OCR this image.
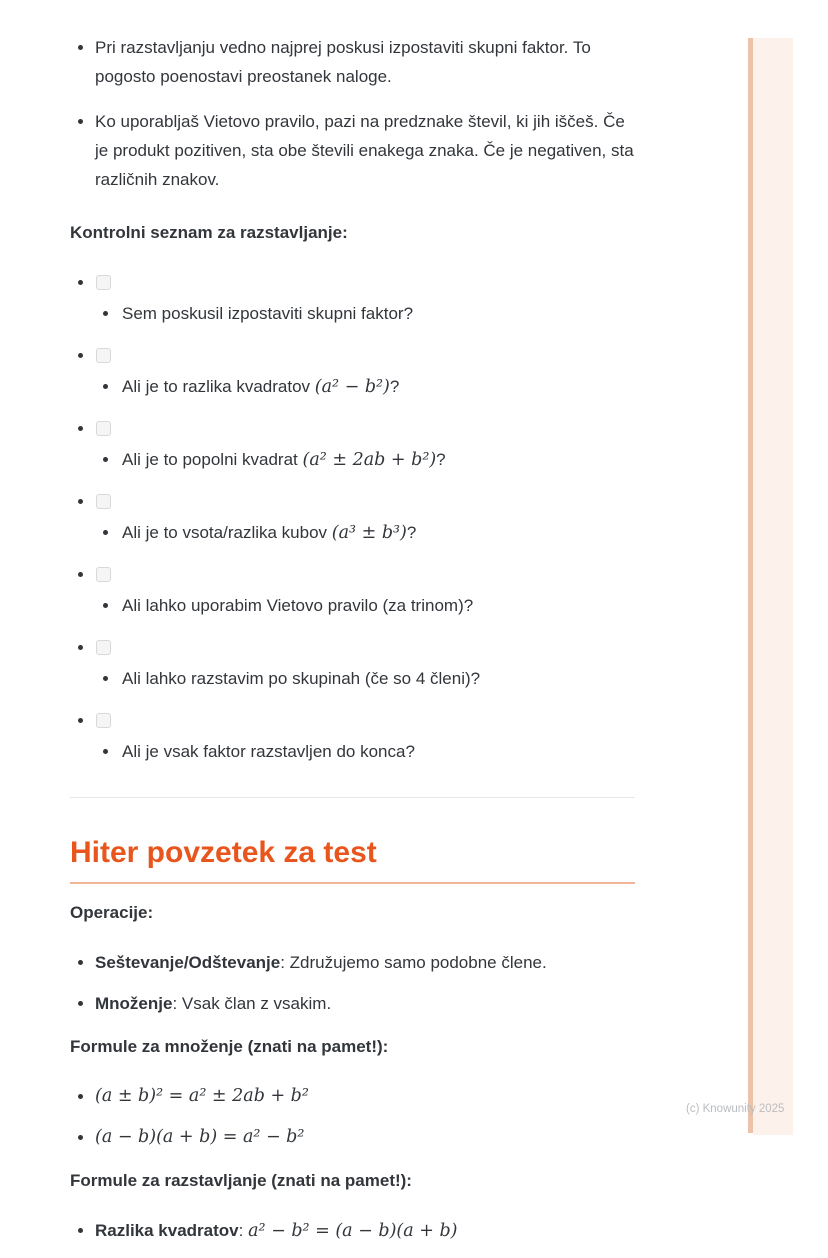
Pri razstavljanju vedno najprej poskusi izpostaviti skupni faktor. To pogosto poenostavi preostanek naloge.
Ko uporabljaš Vietovo pravilo, pazi na predznake števil, ki jih iščeš. Če je produkt pozitiven, sta obe števili enakega znaka. Če je negativen, sta različnih znakov.
Kontrolni seznam za razstavljanje:
Sem poskusil izpostaviti skupni faktor?
Ali je to razlika kvadratov (a² − b²)?
Ali je to popolni kvadrat (a² ± 2ab + b²)?
Ali je to vsota/razlika kubov (a³ ± b³)?
Ali lahko uporabim Vietovo pravilo (za trinom)?
Ali lahko razstavim po skupinah (če so 4 členi)?
Ali je vsak faktor razstavljen do konca?
Hiter povzetek za test
Operacije:
Seštevanje/Odštevanje: Združujemo samo podobne člene.
Množenje: Vsak član z vsakim.
Formule za množenje (znati na pamet!):
(a ± b)² = a² ± 2ab + b²
(a − b)(a + b) = a² − b²
Formule za razstavljanje (znati na pamet!):
Razlika kvadratov: a² − b² = (a − b)(a + b)
(c) Knowunity 2025
